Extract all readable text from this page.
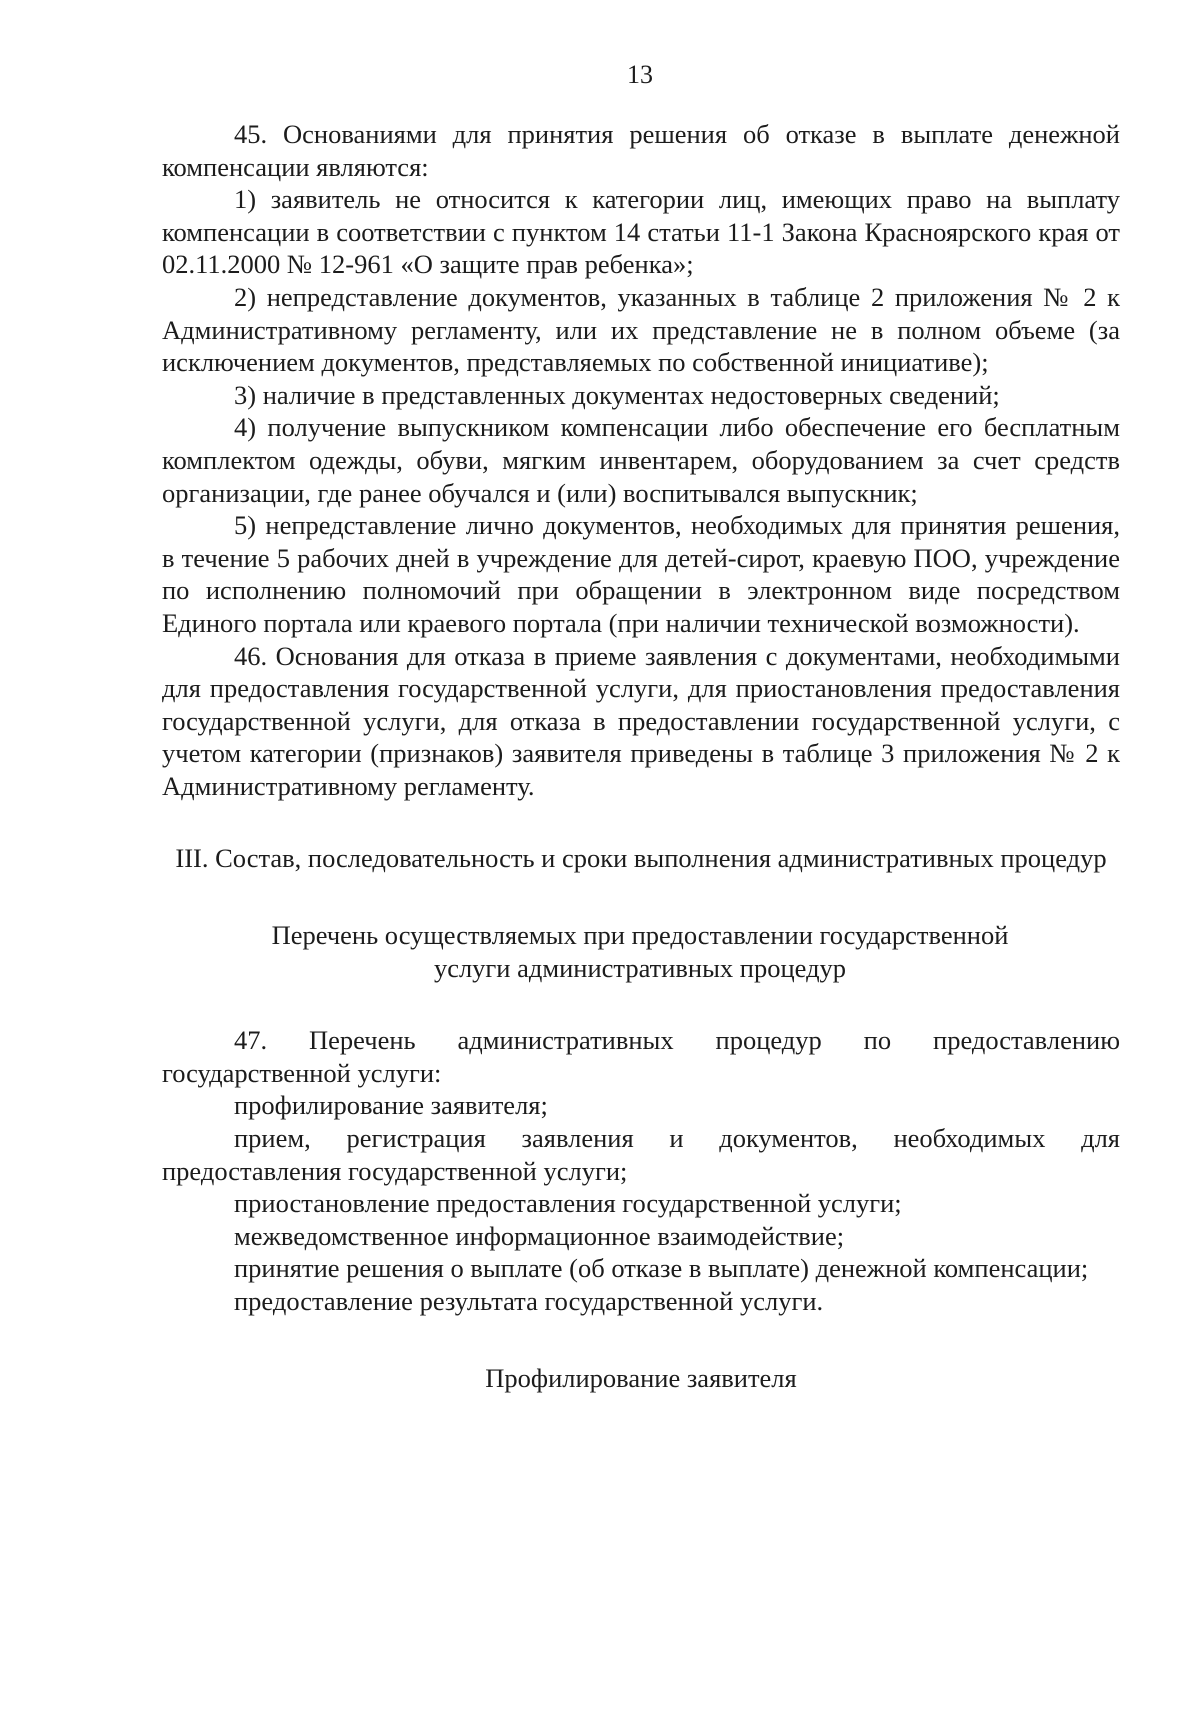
13

45. Основаниями для принятия решения об отказе в выплате денежной компенсации являются:

1) заявитель не относится к категории лиц, имеющих право на выплату компенсации в соответствии с пунктом 14 статьи 11-1 Закона Красноярского края от 02.11.2000 № 12-961 «О защите прав ребенка»;

2) непредставление документов, указанных в таблице 2 приложения № 2 к Административному регламенту, или их представление не в полном объеме (за исключением документов, представляемых по собственной инициативе);

3) наличие в представленных документах недостоверных сведений;

4) получение выпускником компенсации либо обеспечение его бесплатным комплектом одежды, обуви, мягким инвентарем, оборудованием за счет средств организации, где ранее обучался и (или) воспитывался выпускник;

5) непредставление лично документов, необходимых для принятия решения, в течение 5 рабочих дней в учреждение для детей-сирот, краевую ПОО, учреждение по исполнению полномочий при обращении в электронном виде посредством Единого портала или краевого портала (при наличии технической возможности).

46. Основания для отказа в приеме заявления с документами, необходимыми для предоставления государственной услуги, для приостановления предоставления государственной услуги, для отказа в предоставлении государственной услуги, с учетом категории (признаков) заявителя приведены в таблице 3 приложения № 2 к Административному регламенту.

III. Состав, последовательность и сроки выполнения административных процедур

Перечень осуществляемых при предоставлении государственной услуги административных процедур

47. Перечень административных процедур по предоставлению государственной услуги:

профилирование заявителя;

прием, регистрация заявления и документов, необходимых для предоставления государственной услуги;

приостановление предоставления государственной услуги;

межведомственное информационное взаимодействие;

принятие решения о выплате (об отказе в выплате) денежной компенсации;

предоставление результата государственной услуги.

Профилирование заявителя
